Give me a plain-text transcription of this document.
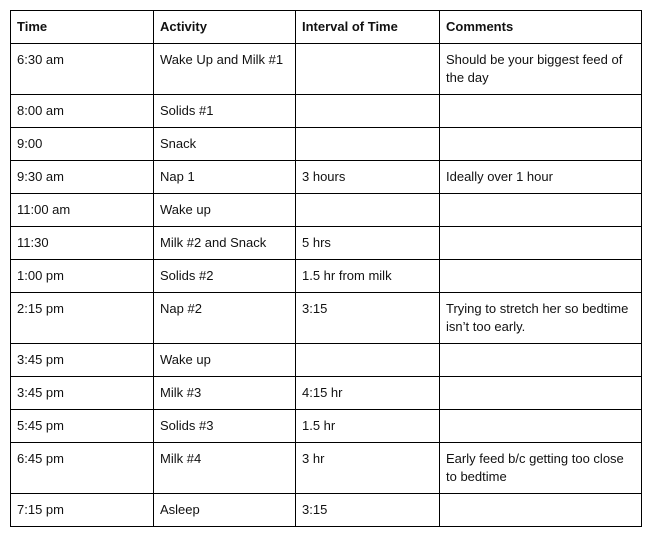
Time	Activity	Interval of Time	Comments
6:30 am	Wake Up and Milk #1		Should be your biggest feed of the day
8:00 am	Solids #1		
9:00	Snack		
9:30 am	Nap 1	3 hours	Ideally over 1 hour
11:00 am	Wake up		
11:30	Milk #2 and Snack	5 hrs	
1:00 pm	Solids #2	1.5 hr from milk	
2:15 pm	Nap #2	3:15	Trying to stretch her so bedtime isn’t too early.
3:45 pm	Wake up		
3:45 pm	Milk #3	4:15 hr	
5:45 pm	Solids #3	1.5 hr	
6:45 pm	Milk #4	3 hr	Early feed b/c getting too close to bedtime
7:15 pm	Asleep	3:15	
